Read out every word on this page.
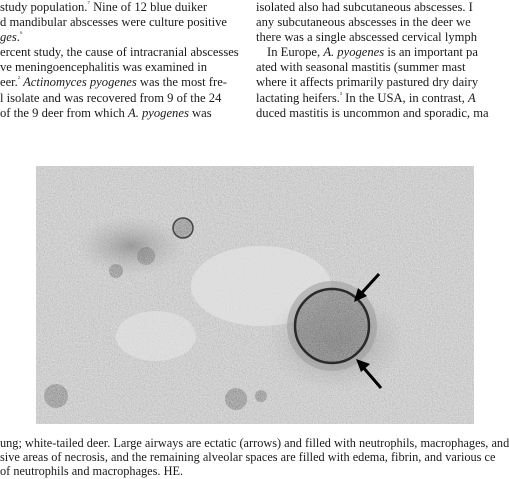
study population.$^{^7}$ Nine of 12 blue duiker
d mandibular abscesses were culture positive
ges.$^{^6}$
ercent study, the cause of intracranial abscesses
ve meningoencephalitis was examined in
eer.$^{^2}$ Actinomyces pyogenes was the most fre-
l isolate and was recovered from 9 of the 24
of the 9 deer from which A. pyogenes was
isolated also had subcutaneous abscesses. I
any subcutaneous abscesses in the deer we
there was a single abscessed cervical lymph
In Europe, A. pyogenes is an important pa
ated with seasonal mastitis (summer mast
where it affects primarily pastured dry dairy
lactating heifers.$^{^3}$ In the USA, in contrast, A
duced mastitis is uncommon and sporadic, ma
ung; white-tailed deer. Large airways are ectatic (arrows) and filled with neutrophils, macrophages, and
sive areas of necrosis, and the remaining alveolar spaces are filled with edema, fibrin, and various ce
of neutrophils and macrophages. HE.
